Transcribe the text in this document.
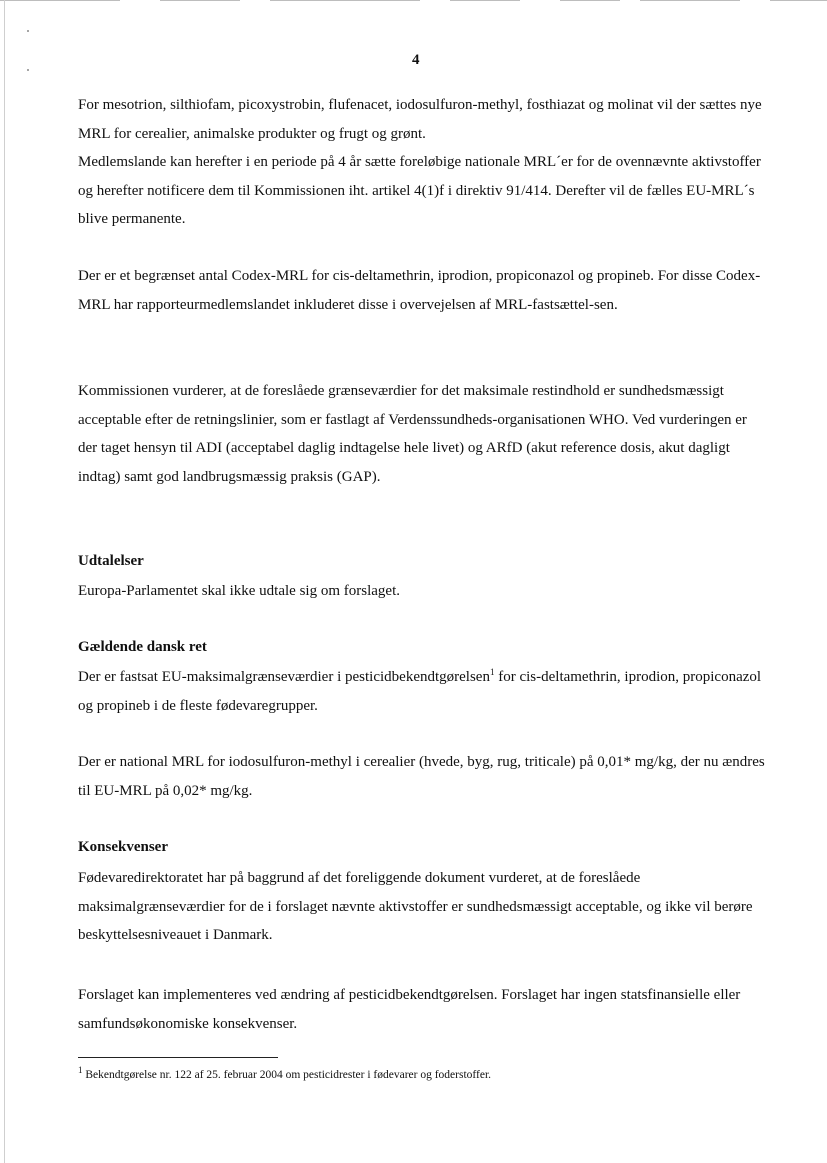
4

For mesotrion, silthiofam, picoxystrobin, flufenacet, iodosulfuron-methyl, fosthiazat og molinat vil der sættes nye MRL for cerealier, animalske produkter og frugt og grønt.

Medlemslande kan herefter i en periode på 4 år sætte foreløbige nationale MRL´er for de ovennævnte aktivstoffer og herefter notificere dem til Kommissionen iht. artikel 4(1)f i direktiv 91/414. Derefter vil de fælles EU-MRL´s blive permanente.

Der er et begrænset antal Codex-MRL for cis-deltamethrin, iprodion, propiconazol og propineb. For disse Codex-MRL har rapporteurmedlemslandet inkluderet disse i overvejelsen af MRL-fastsættel-sen.

Kommissionen vurderer, at de foreslåede grænseværdier for det maksimale restindhold er sundhedsmæssigt acceptable efter de retningslinier, som er fastlagt af Verdenssundheds-organisationen WHO. Ved vurderingen er der taget hensyn til ADI (acceptabel daglig indtagelse hele livet) og ARfD (akut reference dosis, akut dagligt indtag) samt god landbrugsmæssig praksis (GAP).

Udtalelser

Europa-Parlamentet skal ikke udtale sig om forslaget.

Gældende dansk ret

Der er fastsat EU-maksimalgrænseværdier i pesticidbekendtgørelsen$^1$ for cis-deltamethrin, iprodion, propiconazol og propineb i de fleste fødevaregrupper.

Der er national MRL for iodosulfuron-methyl i cerealier (hvede, byg, rug, triticale) på 0,01* mg/kg, der nu ændres til EU-MRL på 0,02* mg/kg.

Konsekvenser

Fødevaredirektoratet har på baggrund af det foreliggende dokument vurderet, at de foreslåede maksimalgrænseværdier for de i forslaget nævnte aktivstoffer er sundhedsmæssigt acceptable, og ikke vil berøre beskyttelsesniveauet i Danmark.

Forslaget kan implementeres ved ændring af pesticidbekendtgørelsen. Forslaget har ingen statsfinansielle eller samfundsøkonomiske konsekvenser.

$^1$ Bekendtgørelse nr. 122 af 25. februar 2004 om pesticidrester i fødevarer og foderstoffer.
